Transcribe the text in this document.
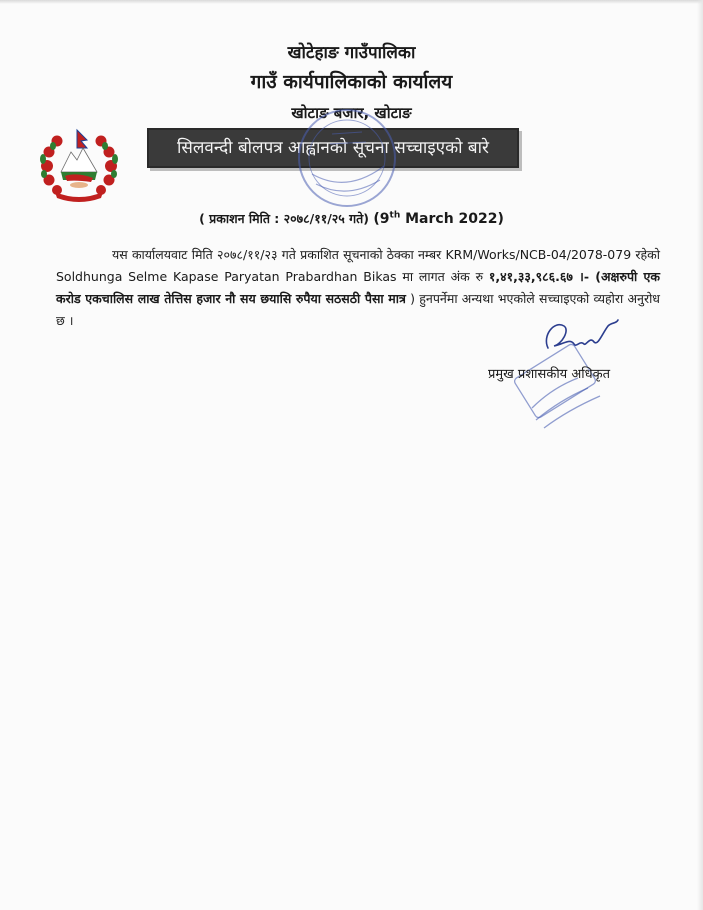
खोटेहाङ गाउँपालिका
गाउँ कार्यपालिकाको कार्यालय
खोटाङ बजार, खोटाङ
सिलवन्दी बोलपत्र आह्वानको सूचना सच्चाइएको बारे
( प्रकाशन मिति : २०७८/११/२५ गते) (9th March 2022)
यस कार्यालयवाट मिति २०७८/११/२३ गते प्रकाशित सूचनाको ठेक्का नम्बर KRM/Works/NCB-04/2078-079 रहेको Soldhunga Selme Kapase Paryatan Prabardhan Bikas मा लागत अंक रु १,४१,३३,९८६.६७ ।- (अक्षरुपी एक करोड एकचालिस लाख तेत्तिस हजार नौ सय छयासि रुपैया सठसठी पैसा मात्र ) हुनपर्नेमा अन्यथा भएकोले सच्चाइएको व्यहोरा अनुरोध छ ।
प्रमुख प्रशासकीय अधिकृत
